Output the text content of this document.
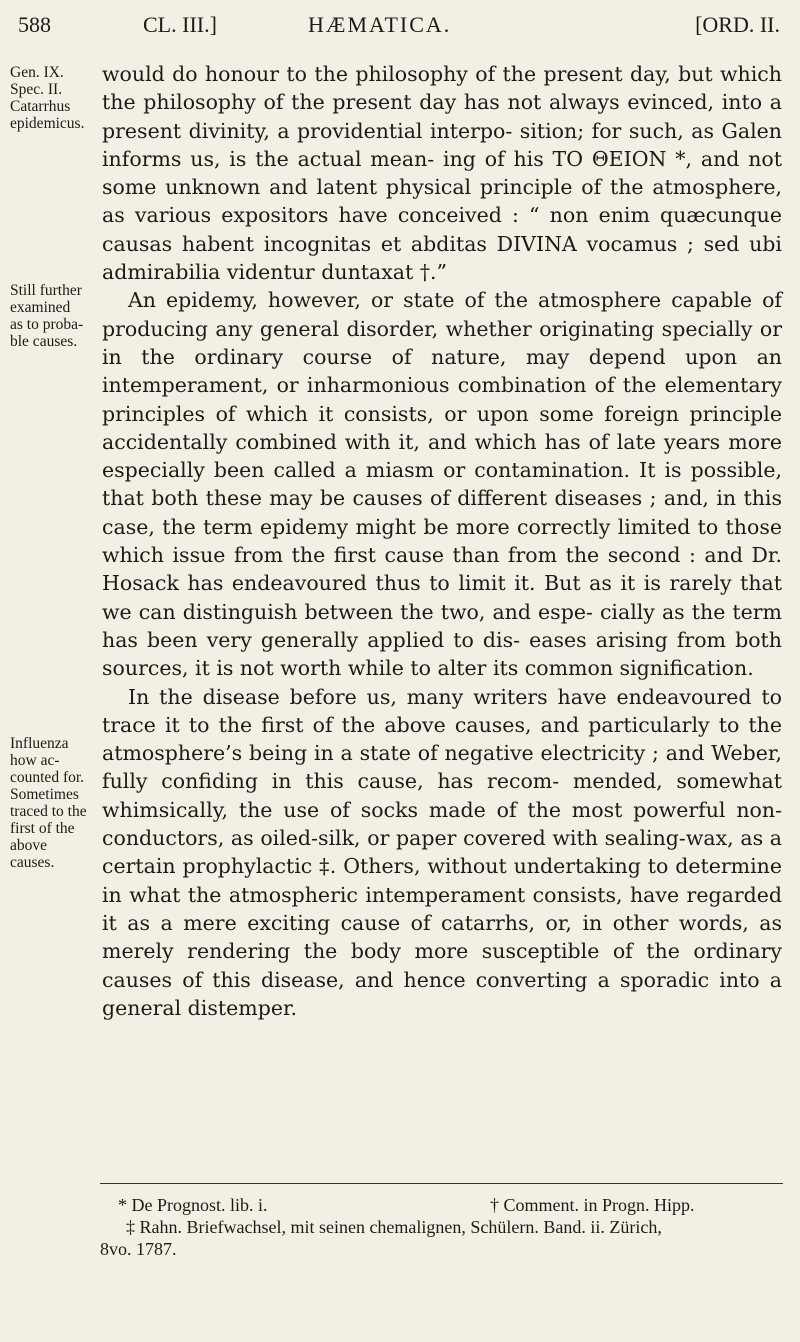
588	CL. III.]	HÆMATICA.	[ORD. II.
Gen. IX.
Spec. II.
Catarrhus
epidemicus.
Still further
examined
as to proba-
ble causes.
Influenza
how ac-
counted for.
Sometimes
traced to the
first of the
above
causes.

would do honour to the philosophy of the present day, but which the philosophy of the present day has not always evinced, into a present divinity, a providential interpo- sition; for such, as Galen informs us, is the actual mean- ing of his TO ΘΕΙΟΝ *, and not some unknown and latent physical principle of the atmosphere, as various expositors have conceived : “ non enim quæcunque causas habent incognitas et abditas DIVINA vocamus ; sed ubi admirabilia videntur duntaxat †.”

An epidemy, however, or state of the atmosphere capable of producing any general disorder, whether originating specially or in the ordinary course of nature, may depend upon an intemperament, or inharmonious combination of the elementary principles of which it consists, or upon some foreign principle accidentally combined with it, and which has of late years more especially been called a miasm or contamination. It is possible, that both these may be causes of different diseases ; and, in this case, the term epidemy might be more correctly limited to those which issue from the first cause than from the second : and Dr. Hosack has endeavoured thus to limit it. But as it is rarely that we can distinguish between the two, and espe- cially as the term has been very generally applied to dis- eases arising from both sources, it is not worth while to alter its common signification.

In the disease before us, many writers have endeavoured to trace it to the first of the above causes, and particularly to the atmosphere’s being in a state of negative electricity ; and Weber, fully confiding in this cause, has recom- mended, somewhat whimsically, the use of socks made of the most powerful non-conductors, as oiled-silk, or paper covered with sealing-wax, as a certain prophylactic ‡. Others, without undertaking to determine in what the atmospheric intemperament consists, have regarded it as a mere exciting cause of catarrhs, or, in other words, as merely rendering the body more susceptible of the ordinary causes of this disease, and hence converting a sporadic into a general distemper.

* De Prognost. lib. i.	† Comment. in Progn. Hipp.
‡ Rahn. Briefwachsel, mit seinen chemalignen, Schülern. Band. ii. Zürich,
8vo. 1787.
